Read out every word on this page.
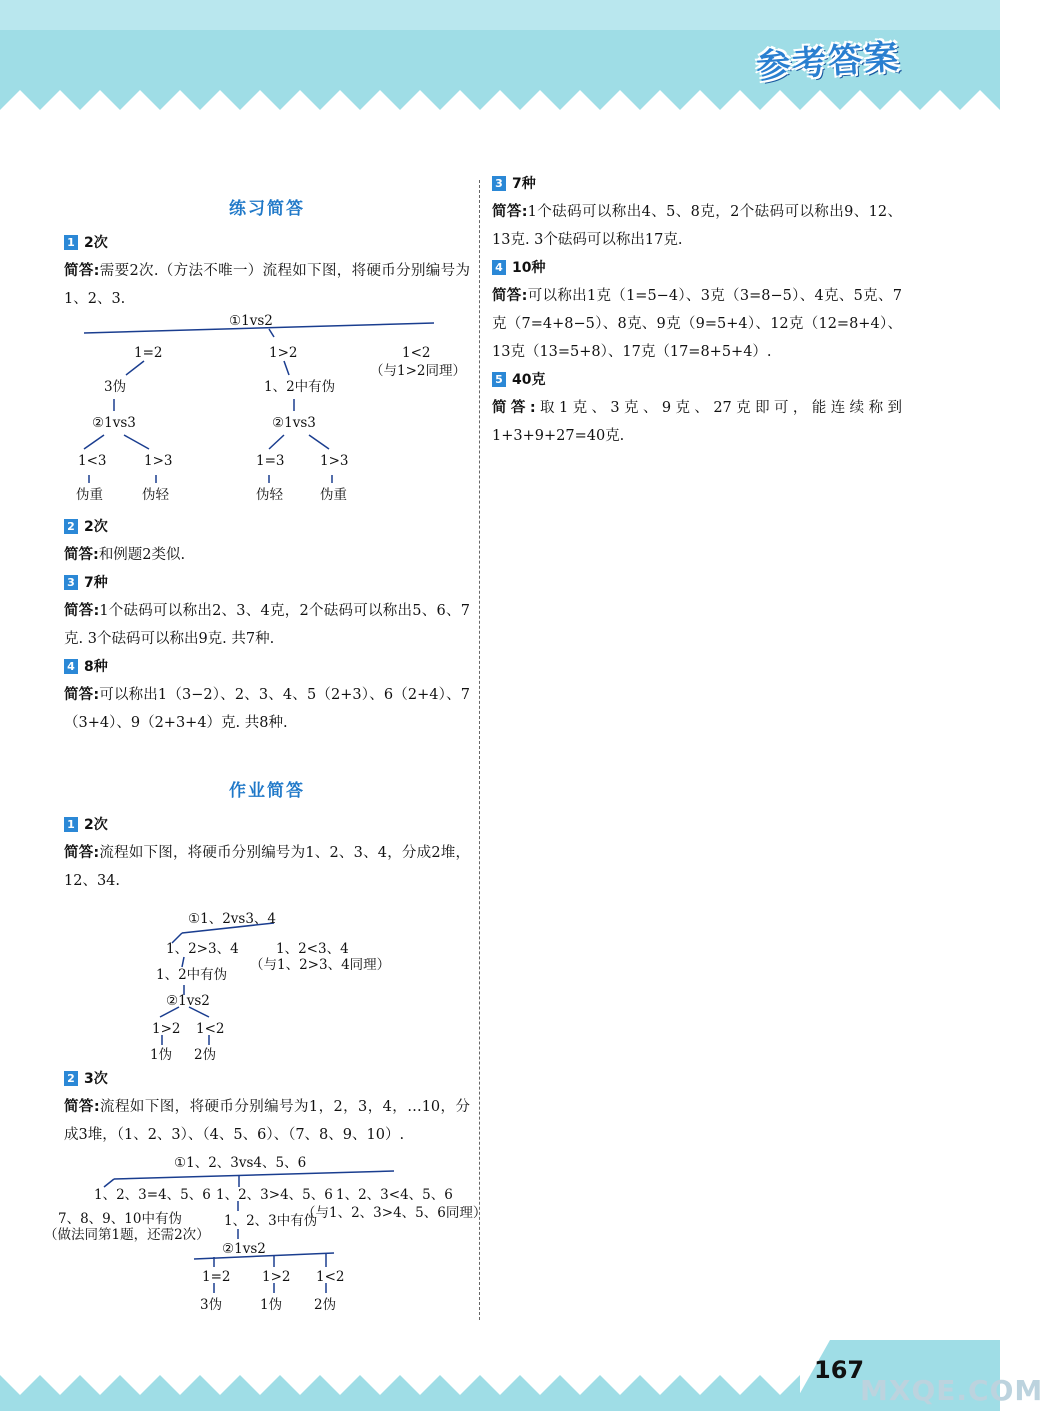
参考答案
167
MXQE.COM
练习简答
1 2次
简答:需要2次.（方法不唯一）流程如下图，将硬币分别编号为1、2、3.
①1vs2
1=2	1>2	1<2
（与1>2同理）
3伪
②1vs3
1<3	1>3
伪重	伪轻
1、2中有伪
②1vs3
1=3	1>3
伪轻	伪重
2 2次
简答:和例题2类似.
3 7种
简答:1个砝码可以称出2、3、4克，2个砝码可以称出5、6、7克. 3个砝码可以称出9克. 共7种.
4 8种
简答:可以称出1（3−2）、2、3、4、5（2+3）、6（2+4）、7（3+4）、9（2+3+4）克. 共8种.
作业简答
1 2次
简答:流程如下图，将硬币分别编号为1、2、3、4，分成2堆，12、34.
①1、2vs3、4
1、2>3、4	1、2<3、4
（与1、2>3、4同理）
1、2中有伪
②1vs2
1>2 1<2
1伪 2伪
2 3次
简答:流程如下图，将硬币分别编号为1，2，3，4，…10，分成3堆，（1、2、3）、（4、5、6）、（7、8、9、10）.
①1、2、3vs4、5、6
1、2、3=4、5、6 1、2、3>4、5、6 1、2、3<4、5、6
（与1、2、3>4、5、6同理）
7、8、9、10中有伪
（做法同第1题，还需2次）
1、2、3中有伪
②1vs2
1=2 1>2 1<2
3伪	1伪 2伪
3 7种
简答:1个砝码可以称出4、5、8克，2个砝码可以称出9、12、13克. 3个砝码可以称出17克.
4 10种
简答:可以称出1克（1=5−4）、3克（3=8−5）、4克、5克、7克（7=4+8−5）、8克、9克（9=5+4）、12克（12=8+4）、13克（13=5+8）、17克（17=8+5+4）.
5 40克
简答:取1克、3克、9克、27克即可，能连续称到1+3+9+27=40克.
